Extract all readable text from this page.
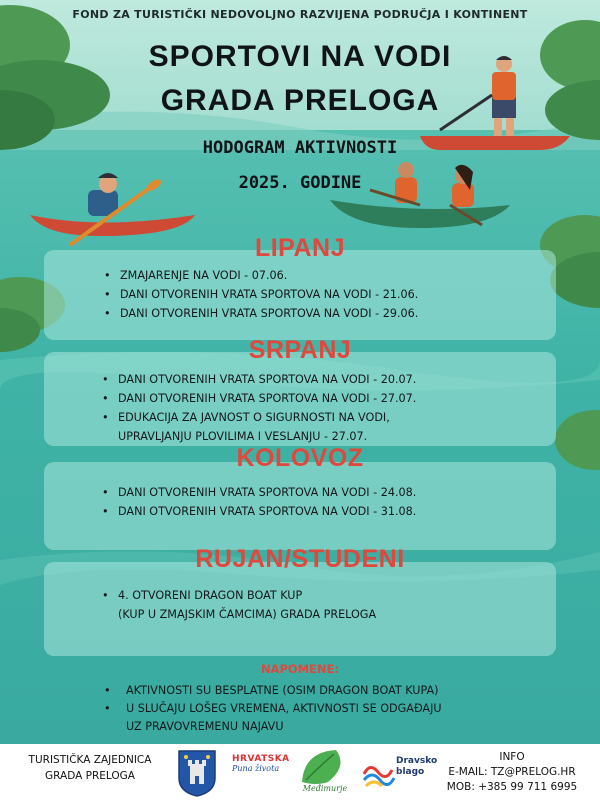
FOND ZA TURISTIČKI NEDOVOLJNO RAZVIJENA PODRUČJA I KONTINENT
SPORTOVI NA VODI
GRADA PRELOGA
HODOGRAM AKTIVNOSTI
2025. GODINE
LIPANJ
• ZMAJARENJE NA VODI - 07.06.
• DANI OTVORENIH VRATA SPORTOVA NA VODI - 21.06.
• DANI OTVORENIH VRATA SPORTOVA NA VODI - 29.06.
SRPANJ
• DANI OTVORENIH VRATA SPORTOVA NA VODI - 20.07.
• DANI OTVORENIH VRATA SPORTOVA NA VODI - 27.07.
• EDUKACIJA ZA JAVNOST O SIGURNOSTI NA VODI,
UPRAVLJANJU PLOVILIMA I VESLANJU - 27.07.
KOLOVOZ
• DANI OTVORENIH VRATA SPORTOVA NA VODI - 24.08.
• DANI OTVORENIH VRATA SPORTOVA NA VODI - 31.08.
RUJAN/STUDENI
• 4. OTVORENI DRAGON BOAT KUP
(KUP U ZMAJSKIM ČAMCIMA) GRADA PRELOGA
NAPOMENE:
• AKTIVNOSTI SU BESPLATNE (OSIM DRAGON BOAT KUPA)
• U SLUČAJU LOŠEG VREMENA, AKTIVNOSTI SE ODGAĐAJU
UZ PRAVOVREMENU NAJAVU
TURISTIČKA ZAJEDNICA
GRADA PRELOGA
HRVATSKA
Puna života
Međimurje
Dravsko
blago
INFO
E-MAIL: TZ@PRELOG.HR
MOB: +385 99 711 6995
